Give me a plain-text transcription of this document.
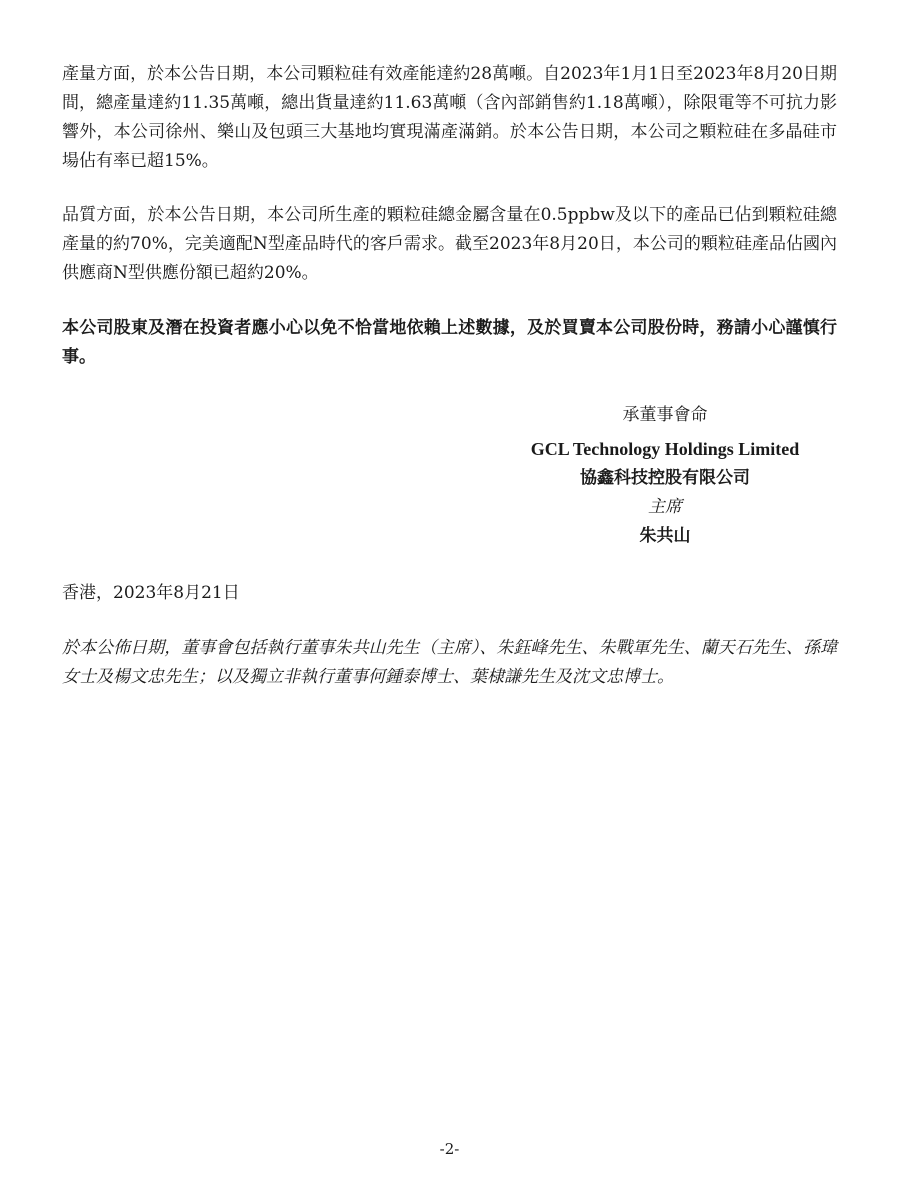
產量方面，於本公告日期，本公司顆粒硅有效產能達約28萬噸。自2023年1月1日至2023年8月20日期間，總產量達約11.35萬噸，總出貨量達約11.63萬噸（含內部銷售約1.18萬噸），除限電等不可抗力影響外，本公司徐州、樂山及包頭三大基地均實現滿產滿銷。於本公告日期，本公司之顆粒硅在多晶硅市場佔有率已超15%。

品質方面，於本公告日期，本公司所生產的顆粒硅總金屬含量在0.5ppbw及以下的產品已佔到顆粒硅總產量的約70%，完美適配N型產品時代的客戶需求。截至2023年8月20日，本公司的顆粒硅產品佔國內供應商N型供應份額已超約20%。

本公司股東及潛在投資者應小心以免不恰當地依賴上述數據，及於買賣本公司股份時，務請小心謹慎行事。

承董事會命

GCL Technology Holdings Limited

協鑫科技控股有限公司

主席

朱共山

香港，2023年8月21日

於本公佈日期，董事會包括執行董事朱共山先生（主席）、朱鈺峰先生、朱戰軍先生、蘭天石先生、孫瑋女士及楊文忠先生；以及獨立非執行董事何鍾泰博士、葉棣謙先生及沈文忠博士。

-2-
